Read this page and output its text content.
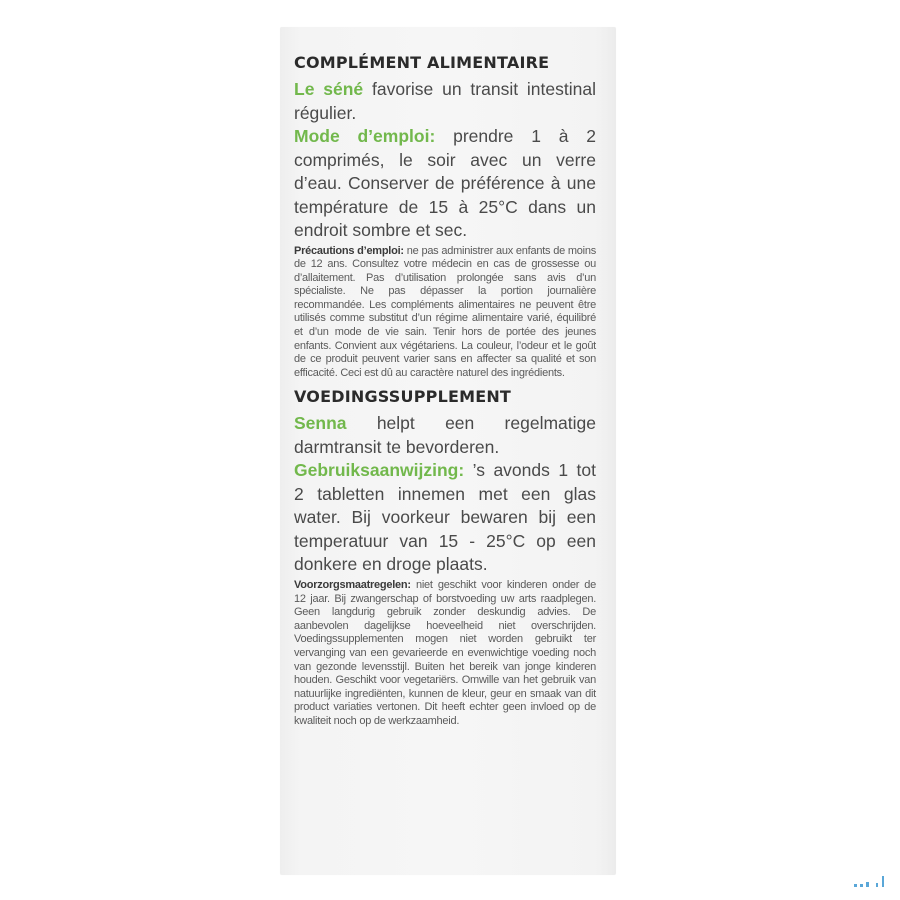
COMPLÉMENT ALIMENTAIRE

Le séné favorise un transit intestinal régulier.

Mode d’emploi: prendre 1 à 2 comprimés, le soir avec un verre d’eau. Conserver de préférence à une température de 15 à 25°C dans un endroit sombre et sec.

Précautions d’emploi: ne pas administrer aux enfants de moins de 12 ans. Consultez votre médecin en cas de grossesse ou d’allaitement. Pas d’utilisation prolongée sans avis d’un spécialiste. Ne pas dépasser la portion journalière recommandée. Les compléments alimentaires ne peuvent être utilisés comme substitut d’un régime alimentaire varié, équilibré et d’un mode de vie sain. Tenir hors de portée des jeunes enfants. Convient aux végétariens. La couleur, l’odeur et le goût de ce produit peuvent varier sans en affecter sa qualité et son efficacité. Ceci est dû au caractère naturel des ingrédients.

VOEDINGSSUPPLEMENT

Senna helpt een regelmatige darmtransit te bevorderen.

Gebruiksaanwijzing: ’s avonds 1 tot 2 tabletten innemen met een glas water. Bij voorkeur bewaren bij een temperatuur van 15 - 25°C op een donkere en droge plaats.

Voorzorgsmaatregelen: niet geschikt voor kinderen onder de 12 jaar. Bij zwangerschap of borstvoeding uw arts raadplegen. Geen langdurig gebruik zonder deskundig advies. De aanbevolen dagelijkse hoeveelheid niet overschrijden. Voedingssupplementen mogen niet worden gebruikt ter vervanging van een gevarieerde en evenwichtige voeding noch van gezonde levensstijl. Buiten het bereik van jonge kinderen houden. Geschikt voor vegetariërs. Omwille van het gebruik van natuurlijke ingrediënten, kunnen de kleur, geur en smaak van dit product variaties vertonen. Dit heeft echter geen invloed op de kwaliteit noch op de werkzaamheid.
